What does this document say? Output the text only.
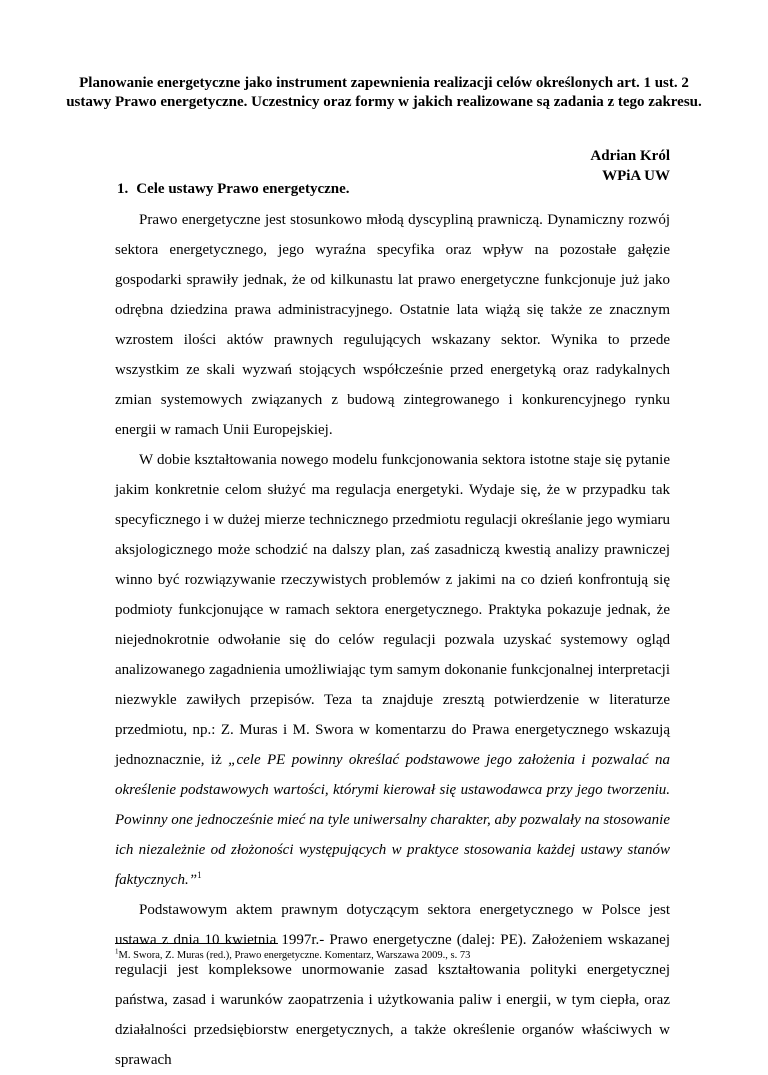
Planowanie energetyczne jako instrument zapewnienia realizacji celów określonych art. 1 ust. 2 ustawy Prawo energetyczne. Uczestnicy oraz formy w jakich realizowane są zadania z tego zakresu.
Adrian Król
WPiA UW
1. Cele ustawy Prawo energetyczne.

Prawo energetyczne jest stosunkowo młodą dyscypliną prawniczą. Dynamiczny rozwój sektora energetycznego, jego wyraźna specyfika oraz wpływ na pozostałe gałęzie gospodarki sprawiły jednak, że od kilkunastu lat prawo energetyczne funkcjonuje już jako odrębna dziedzina prawa administracyjnego. Ostatnie lata wiążą się także ze znacznym wzrostem ilości aktów prawnych regulujących wskazany sektor. Wynika to przede wszystkim ze skali wyzwań stojących współcześnie przed energetyką oraz radykalnych zmian systemowych związanych z budową zintegrowanego i konkurencyjnego rynku energii w ramach Unii Europejskiej.

W dobie kształtowania nowego modelu funkcjonowania sektora istotne staje się pytanie jakim konkretnie celom służyć ma regulacja energetyki. Wydaje się, że w przypadku tak specyficznego i w dużej mierze technicznego przedmiotu regulacji określanie jego wymiaru aksjologicznego może schodzić na dalszy plan, zaś zasadniczą kwestią analizy prawniczej winno być rozwiązywanie rzeczywistych problemów z jakimi na co dzień konfrontują się podmioty funkcjonujące w ramach sektora energetycznego. Praktyka pokazuje jednak, że niejednokrotnie odwołanie się do celów regulacji pozwala uzyskać systemowy ogląd analizowanego zagadnienia umożliwiając tym samym dokonanie funkcjonalnej interpretacji niezwykle zawiłych przepisów. Teza ta znajduje zresztą potwierdzenie w literaturze przedmiotu, np.: Z. Muras i M. Swora w komentarzu do Prawa energetycznego wskazują jednoznacznie, iż „cele PE powinny określać podstawowe jego założenia i pozwalać na określenie podstawowych wartości, którymi kierował się ustawodawca przy jego tworzeniu. Powinny one jednocześnie mieć na tyle uniwersalny charakter, aby pozwalały na stosowanie ich niezależnie od złożoności występujących w praktyce stosowania każdej ustawy stanów faktycznych.”$^1$

Podstawowym aktem prawnym dotyczącym sektora energetycznego w Polsce jest ustawa z dnia 10 kwietnia 1997r.- Prawo energetyczne (dalej: PE). Założeniem wskazanej regulacji jest kompleksowe unormowanie zasad kształtowania polityki energetycznej państwa, zasad i warunków zaopatrzenia i użytkowania paliw i energii, w tym ciepła, oraz działalności przedsiębiorstw energetycznych, a także określenie organów właściwych w sprawach

$^1$M. Swora, Z. Muras (red.), Prawo energetyczne. Komentarz, Warszawa 2009., s. 73
